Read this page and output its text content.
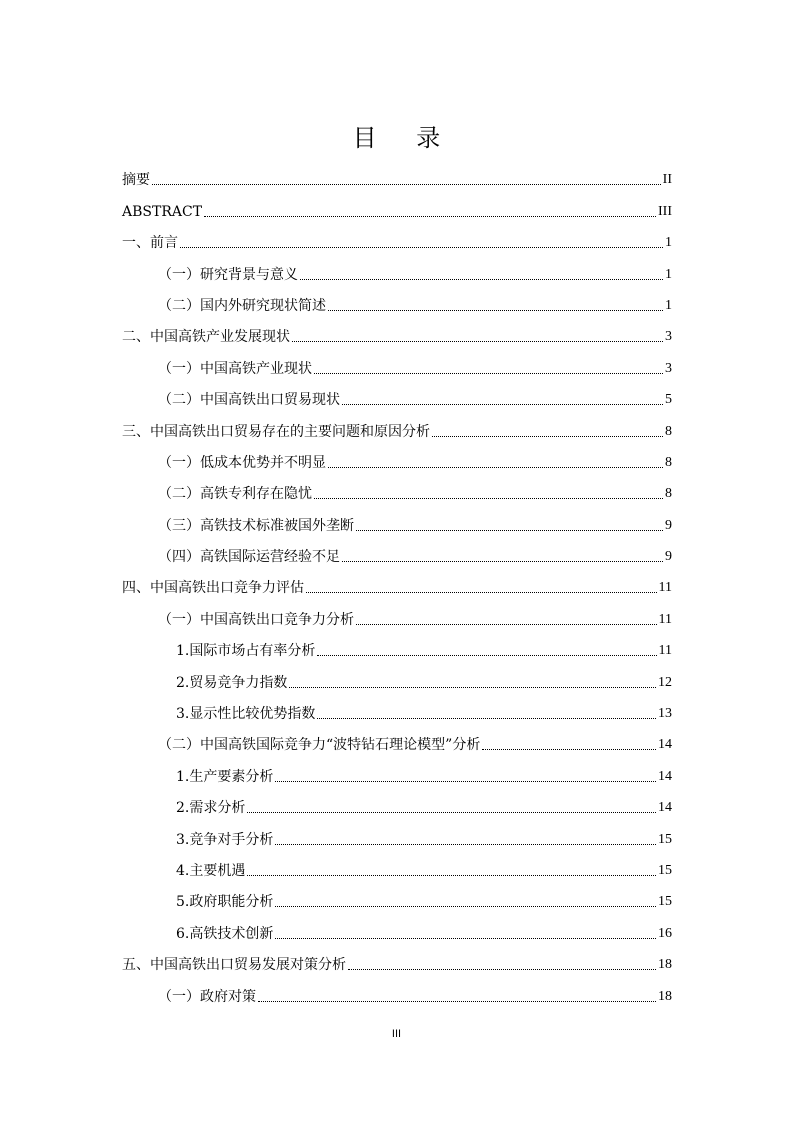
目 录
摘要	II
ABSTRACT	III
一、前言	1
（一）研究背景与意义	1
（二）国内外研究现状简述	1
二、中国高铁产业发展现状	3
（一）中国高铁产业现状	3
（二）中国高铁出口贸易现状	5
三、中国高铁出口贸易存在的主要问题和原因分析	8
（一）低成本优势并不明显	8
（二）高铁专利存在隐忧	8
（三）高铁技术标准被国外垄断	9
（四）高铁国际运营经验不足	9
四、中国高铁出口竞争力评估	11
（一）中国高铁出口竞争力分析	11
1.国际市场占有率分析	11
2.贸易竞争力指数	12
3.显示性比较优势指数	13
（二）中国高铁国际竞争力“波特钻石理论模型”分析	14
1.生产要素分析	14
2.需求分析	14
3.竞争对手分析	15
4.主要机遇	15
5.政府职能分析	15
6.高铁技术创新	16
五、中国高铁出口贸易发展对策分析	18
（一）政府对策	18
III
